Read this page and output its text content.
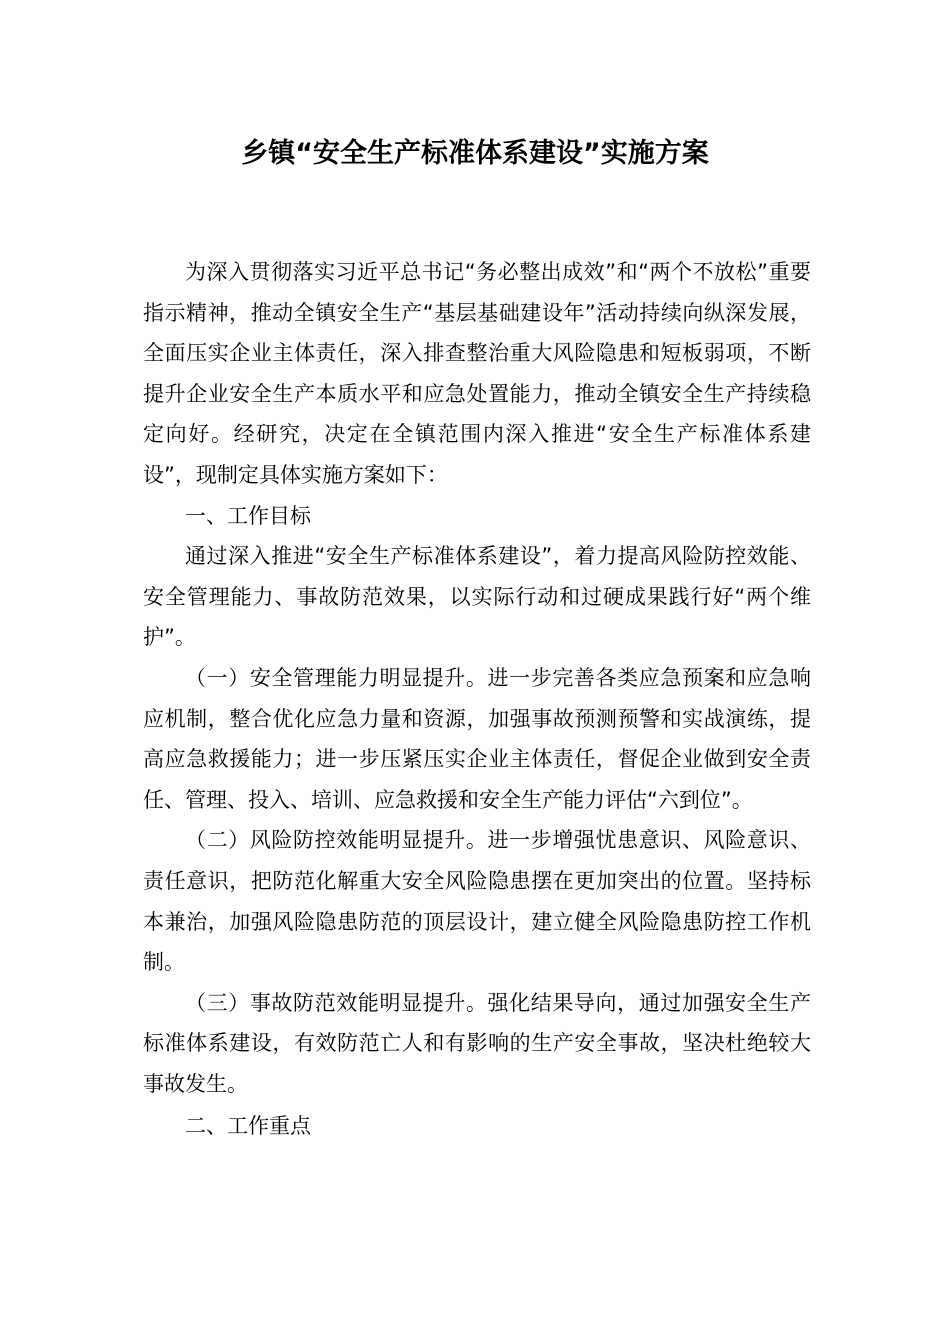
乡镇“安全生产标准体系建设”实施方案

为深入贯彻落实习近平总书记“务必整出成效”和“两个不放松”重要指示精神，推动全镇安全生产“基层基础建设年”活动持续向纵深发展，全面压实企业主体责任，深入排查整治重大风险隐患和短板弱项，不断提升企业安全生产本质水平和应急处置能力，推动全镇安全生产持续稳定向好。经研究，决定在全镇范围内深入推进“安全生产标准体系建设”，现制定具体实施方案如下：

一、工作目标

通过深入推进“安全生产标准体系建设”，着力提高风险防控效能、安全管理能力、事故防范效果，以实际行动和过硬成果践行好“两个维护”。

（一）安全管理能力明显提升。进一步完善各类应急预案和应急响应机制，整合优化应急力量和资源，加强事故预测预警和实战演练，提高应急救援能力；进一步压紧压实企业主体责任，督促企业做到安全责任、管理、投入、培训、应急救援和安全生产能力评估“六到位”。

（二）风险防控效能明显提升。进一步增强忧患意识、风险意识、责任意识，把防范化解重大安全风险隐患摆在更加突出的位置。坚持标本兼治，加强风险隐患防范的顶层设计，建立健全风险隐患防控工作机制。

（三）事故防范效能明显提升。强化结果导向，通过加强安全生产标准体系建设，有效防范亡人和有影响的生产安全事故，坚决杜绝较大事故发生。

二、工作重点
